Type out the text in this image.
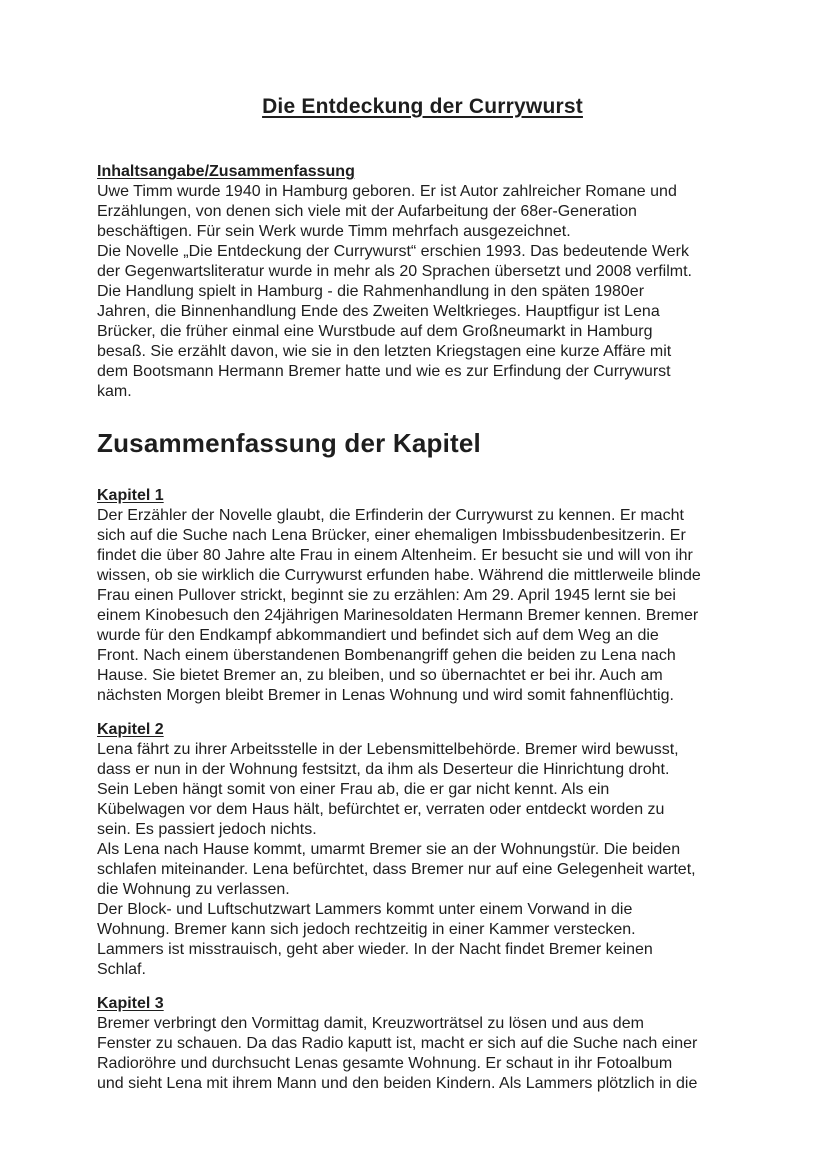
Die Entdeckung der Currywurst
Inhaltsangabe/Zusammenfassung
Uwe Timm wurde 1940 in Hamburg geboren. Er ist Autor zahlreicher Romane und
Erzählungen, von denen sich viele mit der Aufarbeitung der 68er-Generation
beschäftigen. Für sein Werk wurde Timm mehrfach ausgezeichnet.
Die Novelle „Die Entdeckung der Currywurst“ erschien 1993. Das bedeutende Werk
der Gegenwartsliteratur wurde in mehr als 20 Sprachen übersetzt und 2008 verfilmt.
Die Handlung spielt in Hamburg - die Rahmenhandlung in den späten 1980er
Jahren, die Binnenhandlung Ende des Zweiten Weltkrieges. Hauptfigur ist Lena
Brücker, die früher einmal eine Wurstbude auf dem Großneumarkt in Hamburg
besaß. Sie erzählt davon, wie sie in den letzten Kriegstagen eine kurze Affäre mit
dem Bootsmann Hermann Bremer hatte und wie es zur Erfindung der Currywurst
kam.
Zusammenfassung der Kapitel
Kapitel 1
Der Erzähler der Novelle glaubt, die Erfinderin der Currywurst zu kennen. Er macht
sich auf die Suche nach Lena Brücker, einer ehemaligen Imbissbudenbesitzerin. Er
findet die über 80 Jahre alte Frau in einem Altenheim. Er besucht sie und will von ihr
wissen, ob sie wirklich die Currywurst erfunden habe. Während die mittlerweile blinde
Frau einen Pullover strickt, beginnt sie zu erzählen: Am 29. April 1945 lernt sie bei
einem Kinobesuch den 24jährigen Marinesoldaten Hermann Bremer kennen. Bremer
wurde für den Endkampf abkommandiert und befindet sich auf dem Weg an die
Front. Nach einem überstandenen Bombenangriff gehen die beiden zu Lena nach
Hause. Sie bietet Bremer an, zu bleiben, und so übernachtet er bei ihr. Auch am
nächsten Morgen bleibt Bremer in Lenas Wohnung und wird somit fahnenflüchtig.
Kapitel 2
Lena fährt zu ihrer Arbeitsstelle in der Lebensmittelbehörde. Bremer wird bewusst,
dass er nun in der Wohnung festsitzt, da ihm als Deserteur die Hinrichtung droht.
Sein Leben hängt somit von einer Frau ab, die er gar nicht kennt. Als ein
Kübelwagen vor dem Haus hält, befürchtet er, verraten oder entdeckt worden zu
sein. Es passiert jedoch nichts.
Als Lena nach Hause kommt, umarmt Bremer sie an der Wohnungstür. Die beiden
schlafen miteinander. Lena befürchtet, dass Bremer nur auf eine Gelegenheit wartet,
die Wohnung zu verlassen.
Der Block- und Luftschutzwart Lammers kommt unter einem Vorwand in die
Wohnung. Bremer kann sich jedoch rechtzeitig in einer Kammer verstecken.
Lammers ist misstrauisch, geht aber wieder. In der Nacht findet Bremer keinen
Schlaf.
Kapitel 3
Bremer verbringt den Vormittag damit, Kreuzworträtsel zu lösen und aus dem
Fenster zu schauen. Da das Radio kaputt ist, macht er sich auf die Suche nach einer
Radioröhre und durchsucht Lenas gesamte Wohnung. Er schaut in ihr Fotoalbum
und sieht Lena mit ihrem Mann und den beiden Kindern. Als Lammers plötzlich in die
